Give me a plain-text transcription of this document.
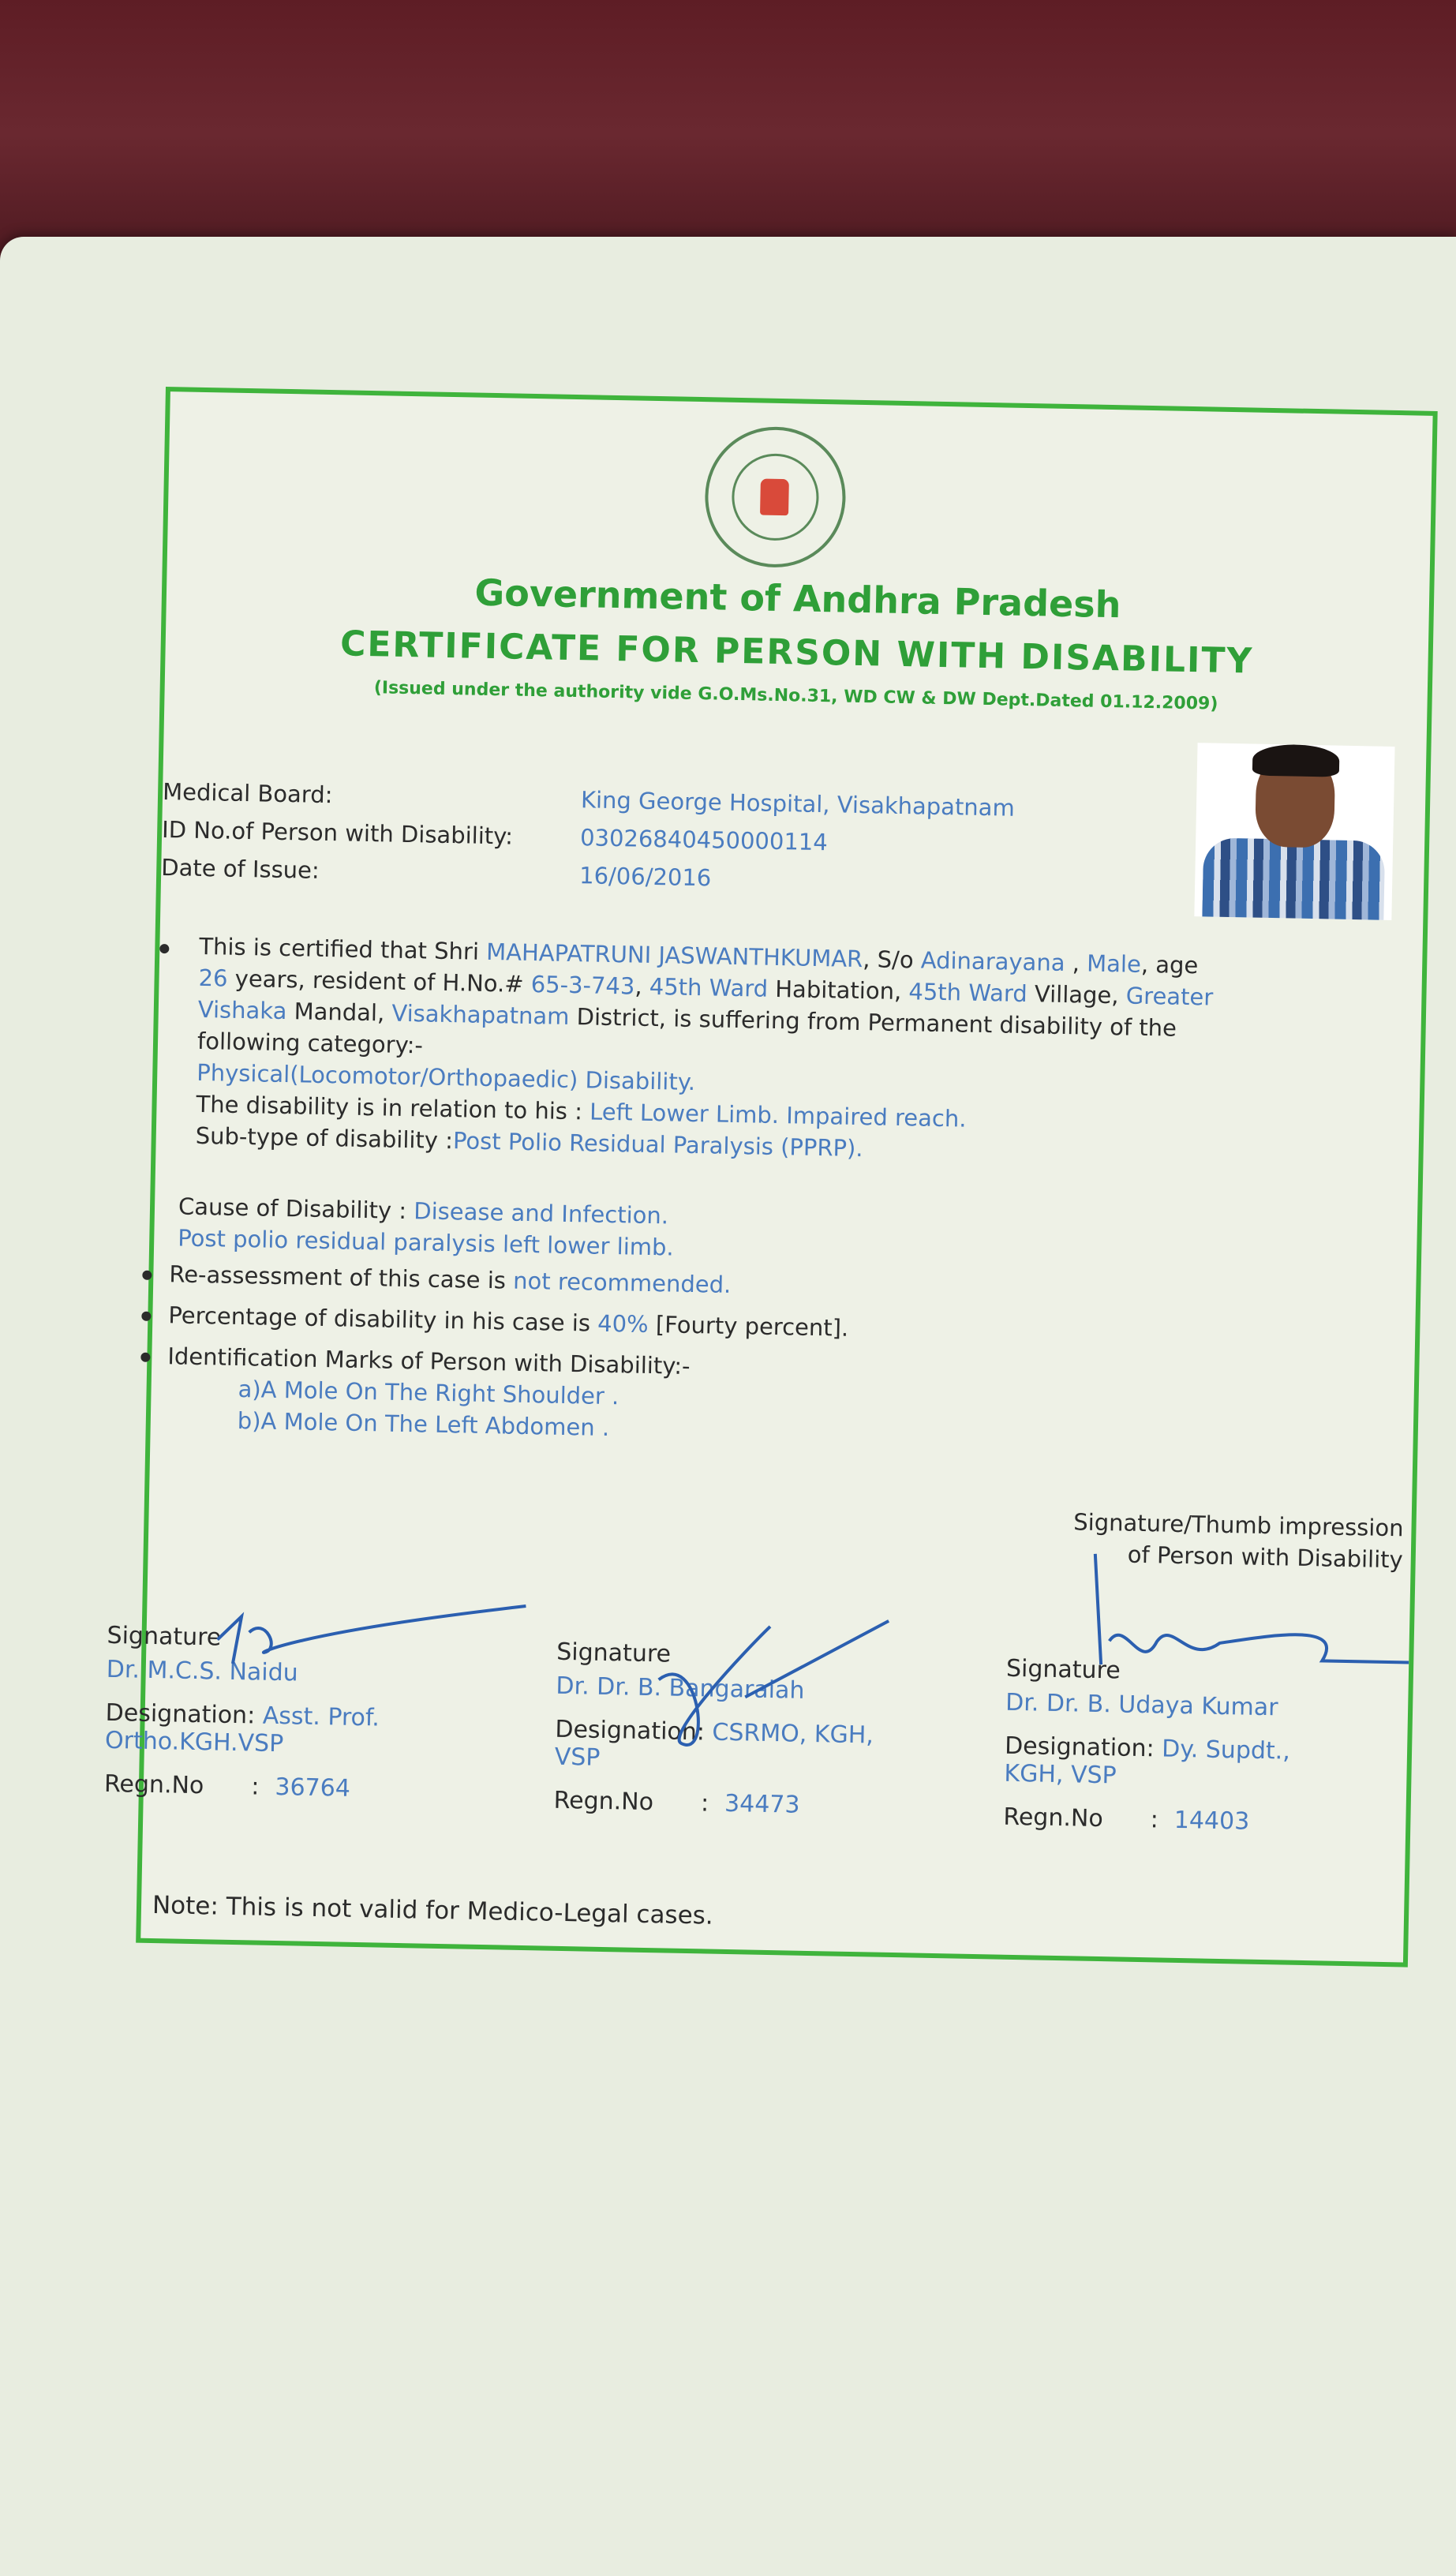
Government of Andhra Pradesh
CERTIFICATE FOR PERSON WITH DISABILITY
(Issued under the authority vide G.O.Ms.No.31, WD CW & DW Dept.Dated 01.12.2009)
Medical Board:	King George Hospital, Visakhapatnam
ID No.of Person with Disability:	03026840450000114
Date of Issue:	16/06/2016
This is certified that Shri MAHAPATRUNI JASWANTHKUMAR, S/o Adinarayana , Male, age
26 years, resident of H.No.# 65-3-743, 45th Ward Habitation, 45th Ward Village, Greater
Vishaka Mandal, Visakhapatnam District, is suffering from Permanent disability of the
following category:-
Physical(Locomotor/Orthopaedic) Disability.
The disability is in relation to his : Left Lower Limb. Impaired reach.
Sub-type of disability :Post Polio Residual Paralysis (PPRP).
Cause of Disability : Disease and Infection.
Post polio residual paralysis left lower limb.
Re-assessment of this case is not recommended.
Percentage of disability in his case is 40% [Fourty percent].
Identification Marks of Person with Disability:-
a)A Mole On The Right Shoulder .
b)A Mole On The Left Abdomen .
Signature/Thumb impression
of Person with Disability
Signature
Dr. M.C.S. Naidu
Designation: Asst. Prof.
Ortho.KGH.VSP
Regn.No : 36764
Signature
Dr. Dr. B. Bangaraiah
Designation: CSRMO, KGH,
VSP
Regn.No : 34473
Signature
Dr. Dr. B. Udaya Kumar
Designation: Dy. Supdt.,
KGH, VSP
Regn.No : 14403
Note: This is not valid for Medico-Legal cases.
